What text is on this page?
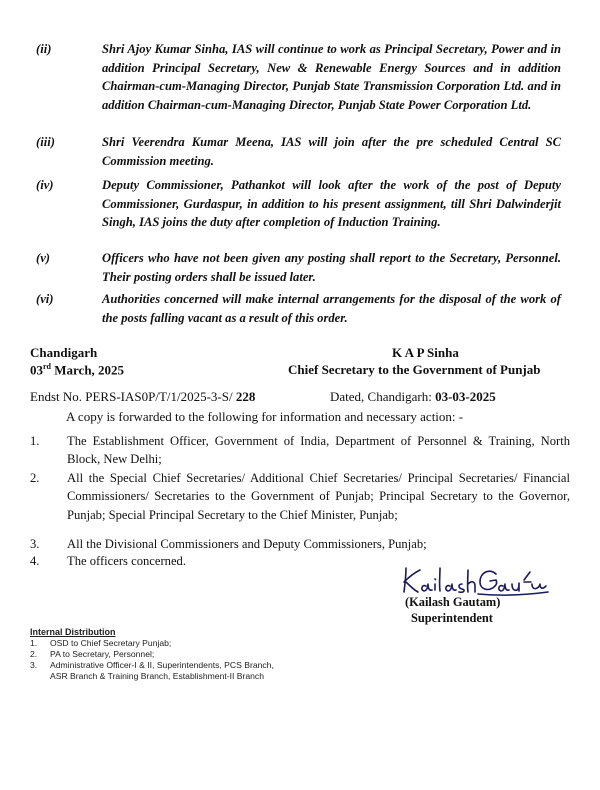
(ii)	Shri Ajoy Kumar Sinha, IAS will continue to work as Principal Secretary, Power and in addition Principal Secretary, New & Renewable Energy Sources and in addition Chairman-cum-Managing Director, Punjab State Transmission Corporation Ltd. and in addition Chairman-cum-Managing Director, Punjab State Power Corporation Ltd.
(iii)	Shri Veerendra Kumar Meena, IAS will join after the pre scheduled Central SC Commission meeting.
(iv)	Deputy Commissioner, Pathankot will look after the work of the post of Deputy Commissioner, Gurdaspur, in addition to his present assignment, till Shri Dalwinderjit Singh, IAS joins the duty after completion of Induction Training.
(v)	Officers who have not been given any posting shall report to the Secretary, Personnel. Their posting orders shall be issued later.
(vi)	Authorities concerned will make internal arrangements for the disposal of the work of the posts falling vacant as a result of this order.
Chandigarh
03rd March, 2025
K A P Sinha
Chief Secretary to the Government of Punjab
Endst No. PERS-IAS0P/T/1/2025-3-S/ 228	Dated, Chandigarh: 03-03-2025
A copy is forwarded to the following for information and necessary action: -
1. The Establishment Officer, Government of India, Department of Personnel & Training, North Block, New Delhi;
2. All the Special Chief Secretaries/ Additional Chief Secretaries/ Principal Secretaries/ Financial Commissioners/ Secretaries to the Government of Punjab; Principal Secretary to the Governor, Punjab; Special Principal Secretary to the Chief Minister, Punjab;
3. All the Divisional Commissioners and Deputy Commissioners, Punjab;
4. The officers concerned.
(Kailash Gautam)
Superintendent
Internal Distribution
1. OSD to Chief Secretary Punjab;
2. PA to Secretary, Personnel;
3. Administrative Officer-I & II, Superintendents, PCS Branch,
ASR Branch & Training Branch, Establishment-II Branch
